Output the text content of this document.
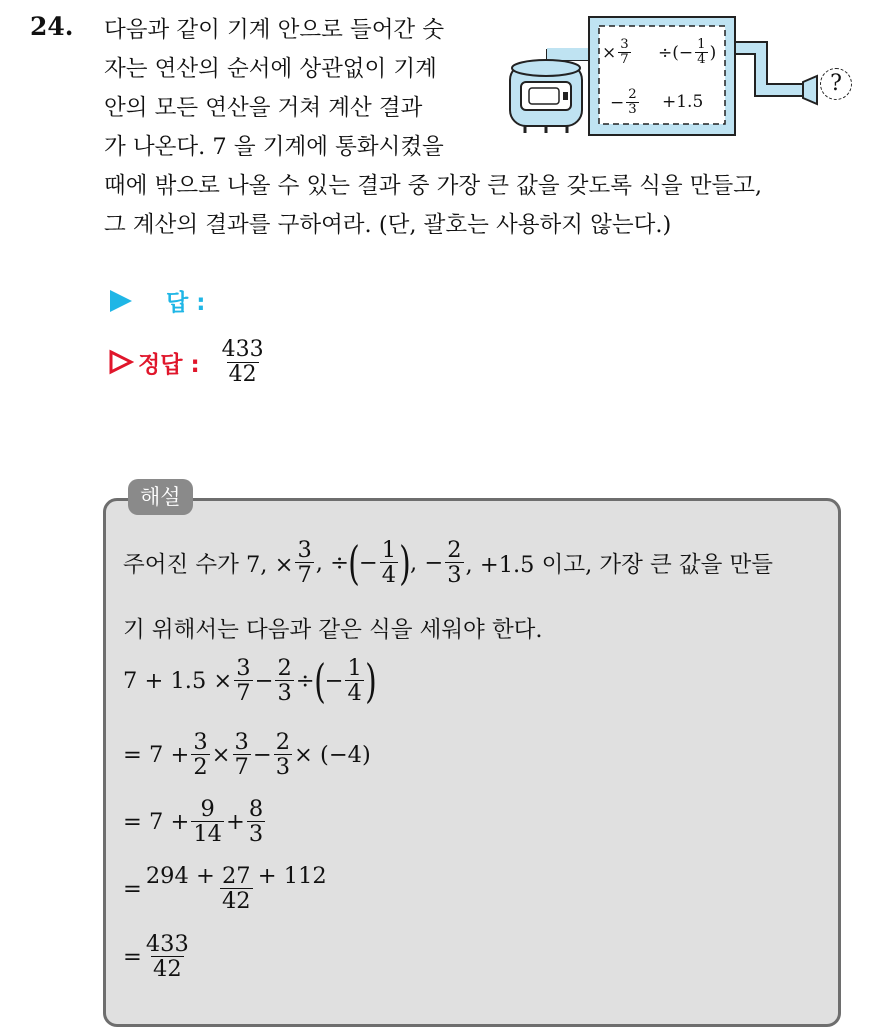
24. 다음과 같이 기계 안으로 들어간 숫
자는 연산의 순서에 상관없이 기계
안의 모든 연산을 거쳐 계산 결과
가 나온다. 7 을 기계에 통화시켰을
때에 밖으로 나올 수 있는 결과 중 가장 큰 값을 갖도록 식을 만들고,
그 계산의 결과를 구하여라. (단, 괄호는 사용하지 않는다.)
× $\frac{3}{7}$ ÷(− $\frac{1}{4}$ )
− $\frac{2}{3} +1.5$
?
답 :
정답 : $\frac{433}{42}$
해설
주어진 수가 7, × $\frac{3}{7}$ , ÷ ( − $\frac{1}{4}$ ) , − $\frac{2}{3}$ , +1.5 이고, 가장 큰 값을 만들
기 위해서는 다음과 같은 식을 세워야 한다.
$7 + 1.5 \times \frac{3}{7} - \frac{2}{3}$ ÷ ( − $\frac{1}{4}$ )
= $7 + \frac{3}{2} \times \frac{3}{7} - \frac{2}{3} \times (-4)$
= $7 + \frac{9}{14} + \frac{8}{3}$
= $\frac{294 + 27 + 112}{42}$
= $\frac{433}{42}$
